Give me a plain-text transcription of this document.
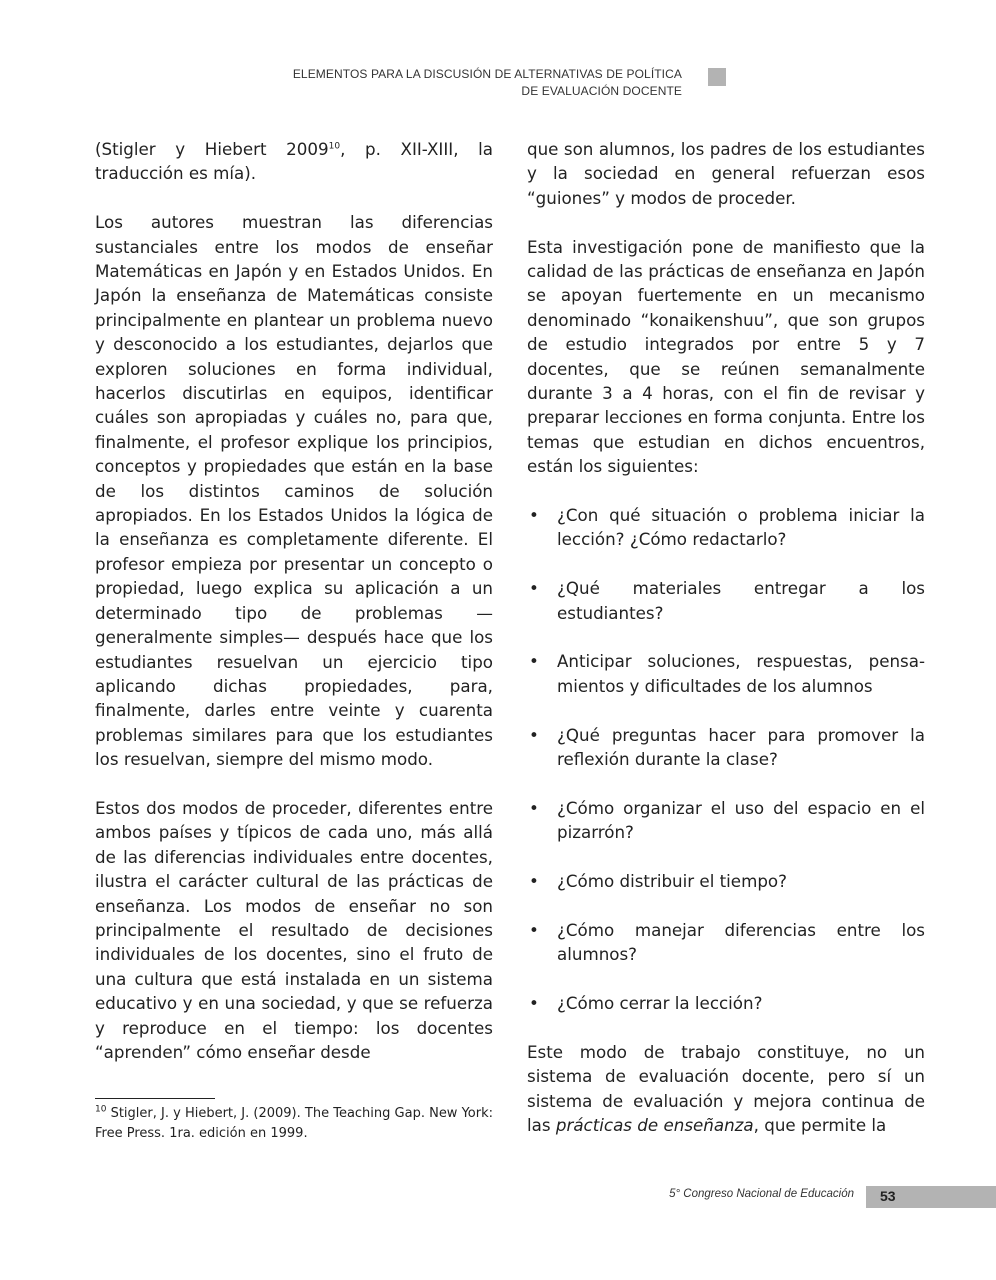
ELEMENTOS PARA LA DISCUSIÓN DE ALTERNATIVAS DE POLÍTICA
DE EVALUACIÓN DOCENTE

(Stigler y Hiebert 2009$^{10}$, p. XII-XIII, la traducción es mía).

Los autores muestran las diferencias sustanciales entre los modos de enseñar Matemáticas en Japón y en Estados Unidos. En Japón la enseñanza de Matemáticas consiste principalmente en plantear un problema nuevo y desconocido a los estudiantes, dejarlos que exploren soluciones en forma individual, hacerlos discutirlas en equipos, identificar cuáles son apropiadas y cuáles no, para que, finalmente, el profesor explique los principios, conceptos y propiedades que están en la base de los distintos caminos de solución apropiados. En los Estados Unidos la lógica de la enseñanza es completamente diferente. El profesor empieza por presentar un concepto o propiedad, luego explica su aplicación a un determinado tipo de problemas —generalmente simples— después hace que los estudiantes resuelvan un ejercicio tipo aplicando dichas propiedades, para, finalmente, darles entre veinte y cuarenta problemas similares para que los estudiantes los resuelvan, siempre del mismo modo.

Estos dos modos de proceder, diferentes entre ambos países y típicos de cada uno, más allá de las diferencias individuales entre docentes, ilustra el carácter cultural de las prácticas de enseñanza. Los modos de enseñar no son principalmente el resultado de decisiones individuales de los docentes, sino el fruto de una cultura que está instalada en un sistema educativo y en una sociedad, y que se refuerza y reproduce en el tiempo: los docentes “aprenden” cómo enseñar desde

$^{10}$ Stigler, J. y Hiebert, J. (2009). The Teaching Gap. New York: Free Press. 1ra. edición en 1999.

que son alumnos, los padres de los estudiantes y la sociedad en general refuerzan esos “guiones” y modos de proceder.

Esta investigación pone de manifiesto que la calidad de las prácticas de enseñanza en Japón se apoyan fuertemente en un mecanismo denominado “konaikenshuu”, que son grupos de estudio integrados por entre 5 y 7 docentes, que se reúnen semanalmente durante 3 a 4 horas, con el fin de revisar y preparar lecciones en forma conjunta. Entre los temas que estudian en dichos encuentros, están los siguientes:

• ¿Con qué situación o problema iniciar la lección? ¿Cómo redactarlo?
• ¿Qué materiales entregar a los estudiantes?
• Anticipar soluciones, respuestas, pensa-mientos y dificultades de los alumnos
• ¿Qué preguntas hacer para promover la reflexión durante la clase?
• ¿Cómo organizar el uso del espacio en el pizarrón?
• ¿Cómo distribuir el tiempo?
• ¿Cómo manejar diferencias entre los alumnos?
• ¿Cómo cerrar la lección?

Este modo de trabajo constituye, no un sistema de evaluación docente, pero sí un sistema de evaluación y mejora continua de las prácticas de enseñanza, que permite la

5° Congreso Nacional de Educación 53
